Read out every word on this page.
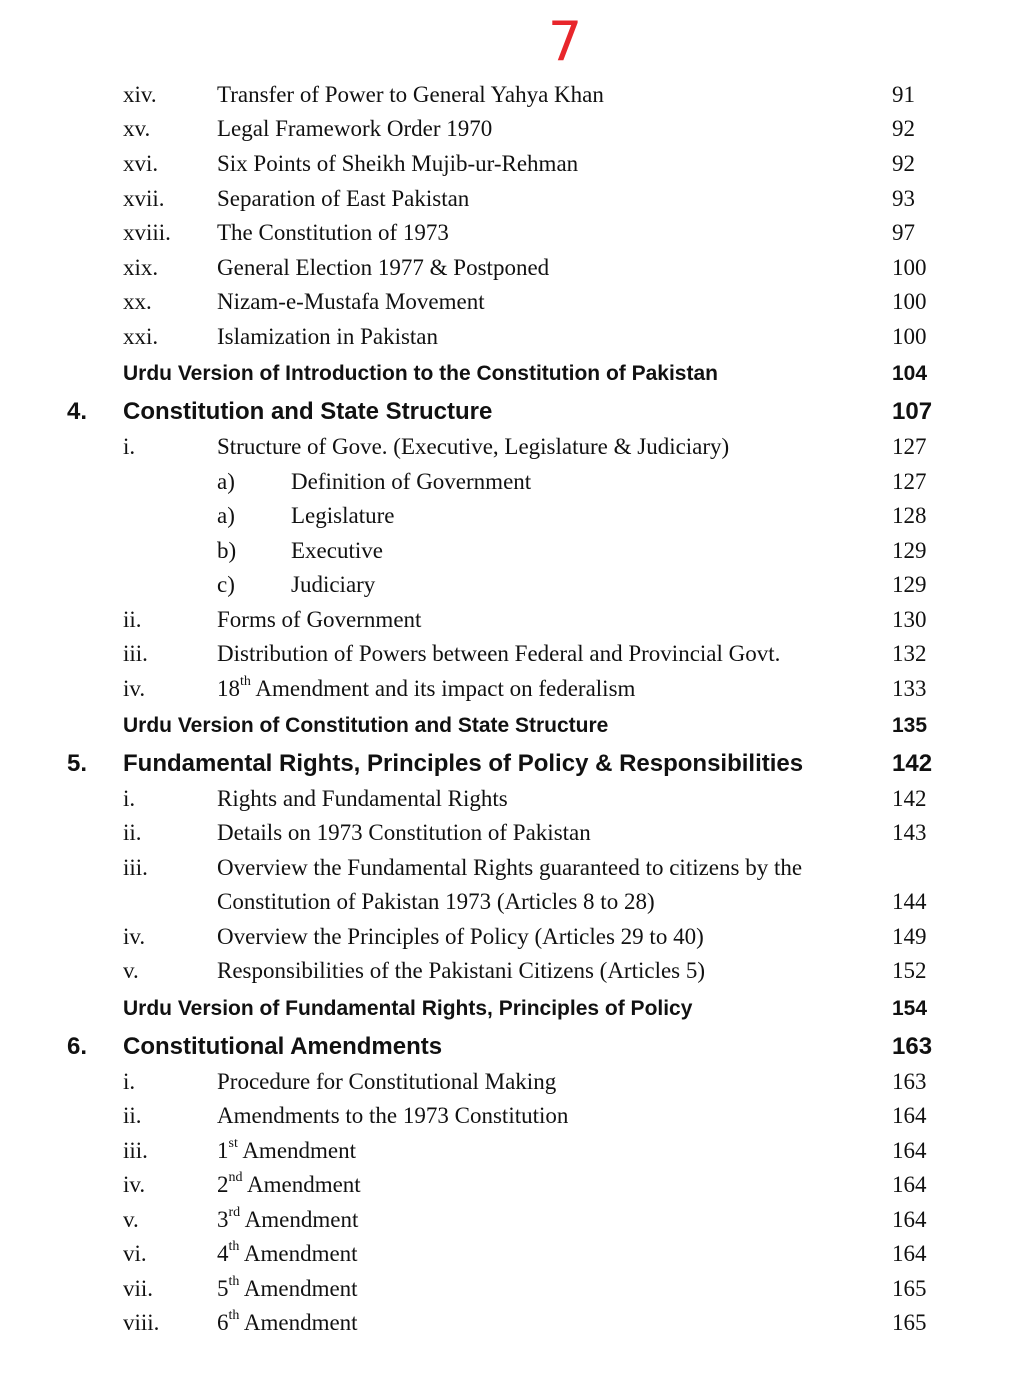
7
xiv.	Transfer of Power to General Yahya Khan	91
xv.	Legal Framework Order 1970	92
xvi.	Six Points of Sheikh Mujib-ur-Rehman	92
xvii. Separation of East Pakistan	93
xviii. The Constitution of 1973	97
xix.	General Election 1977 & Postponed	100
xx.	Nizam-e-Mustafa Movement	100
xxi.	Islamization in Pakistan	100
Urdu Version of Introduction to the Constitution of Pakistan	104
4. Constitution and State Structure	107
i.	Structure of Gove. (Executive, Legislature & Judiciary)	127
a) Definition of Government	127
a) Legislature	128
b) Executive	129
c) Judiciary	129
ii.	Forms of Government	130
iii.	Distribution of Powers between Federal and Provincial Govt.	132
iv.	18th Amendment and its impact on federalism	133
Urdu Version of Constitution and State Structure	135
5. Fundamental Rights, Principles of Policy & Responsibilities	142
i.	Rights and Fundamental Rights	142
ii.	Details on 1973 Constitution of Pakistan	143
iii.	Overview the Fundamental Rights guaranteed to citizens by the
Constitution of Pakistan 1973 (Articles 8 to 28)	144
iv.	Overview the Principles of Policy (Articles 29 to 40)	149
v.	Responsibilities of the Pakistani Citizens (Articles 5)	152
Urdu Version of Fundamental Rights, Principles of Policy	154
6. Constitutional Amendments	163
i.	Procedure for Constitutional Making	163
ii.	Amendments to the 1973 Constitution	164
iii.	1st Amendment	164
iv.	2nd Amendment	164
v.	3rd Amendment	164
vi.	4th Amendment	164
vii.	5th Amendment	165
viii.	6th Amendment	165
